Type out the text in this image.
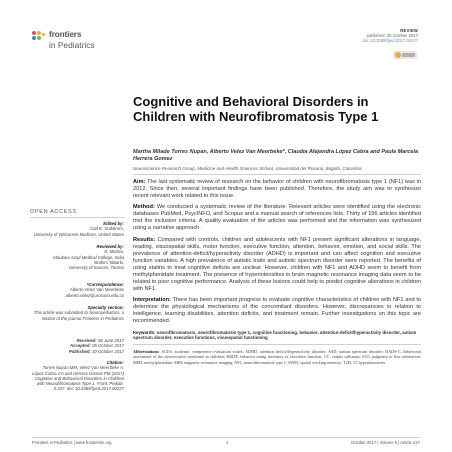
frontiers
in Pediatrics
REVIEW
published: 30 October 2017
doi: 10.3389/fped.2017.00227
Cognitive and Behavioral Disorders in Children with Neurofibromatosis Type 1
Martha Milade Torres Nupan, Alberto Velez Van Meerbeke*, Claudia Alejandra López Cabra and Paula Marcela Herrera Gomez
Neuroscience Research Group, Medicine and Health Sciences School, Universidad del Rosario, Bogotá, Colombia

Aim: The last systematic review of research on the behavior of children with neurofibromatosis type 1 (NF1) was in 2012. Since then, several important findings have been published. Therefore, the study aim was to synthesize recent relevant work related to this issue.

Method: We conducted a systematic review of the literature. Relevant articles were identified using the electronic databases PubMed, PsycINFO, and Scopus and a manual search of references lists. Thirty of 156 articles identified met the inclusion criteria. A quality evaluation of the articles was performed and the information was synthesized using a narrative approach.

Results: Compared with controls, children and adolescents with NF1 present significant alterations in language, reading, visuospatial skills, motor function, executive function, attention, behavior, emotion, and social skills. The prevalence of attention-deficit/hyperactivity disorder (ADHD) is important and can affect cognition and executive function variables. A high prevalence of autistic traits and autistic spectrum disorder were reported. The benefits of using statins to treat cognitive deficits are unclear. However, children with NF1 and ADHD seem to benefit from methylphenidate treatment. The presence of hyperintensities in brain magnetic resonance imaging data seem to be related to poor cognitive performance. Analysis of these lesions could help to predict cognitive alterations in children with NF1.

Interpretation: There has been important progress to evaluate cognitive characteristics of children with NF1 and to determine the physiological mechanisms of the concomitant disorders. However, discrepancies in relation to intelligence, learning disabilities, attention deficits, and treatment remain. Further investigations on this topic are recommended.

Keywords: neurofibromatosis, neurofibromatosis type 1, cognitive functioning, behavior, attention-deficit/hyperactivity disorder, autism spectrum disorder, executive functions, visuospatial functioning

Abbreviations: ACES, academic competence evaluation scales; ADHD, attention deficit/hyperactivity disorder; ASD, autism spectrum disorder; BADS-C, behavioral assessment of the dysexecutive syndrome in children; BRIEF, behavior rating inventory of executive function; CC, corpus callosum; IGO, judgment of line orientation; MPH, methylphenidate; MRI, magnetic resonance imaging; NF1, neurofibromatosis type 1; SWM, spatial working memory; T2H, T2 hyperintensities.
OPEN ACCESS
Edited by:
Carl E. Stafstrom,
University of Wisconsin-Madison, United States
Reviewed by:
D. Mishra,
Maulana Azad Medical College, India
Brahim Tabarki,
University of Sousse, Tunisia
*Correspondence:
Alberto Velez Van Meerbeke
alberto.velez@urosario.edu.co
Specialty section:
This article was submitted to Neuropediatrics, a section of the journal Frontiers in Pediatrics
Received: 06 June 2017
Accepted: 05 October 2017
Published: 30 October 2017
Citation:
Torres Nupan MM, Velez Van Meerbeke A, López Cabra CA and Herrera Gomez PM (2017) Cognitive and Behavioral Disorders in Children with Neurofibromatosis Type 1. Front. Pediatr. 5:227. doi: 10.3389/fped.2017.00227
Frontiers in Pediatrics | www.frontiersin.org	1	October 2017 | Volume 5 | Article 227
